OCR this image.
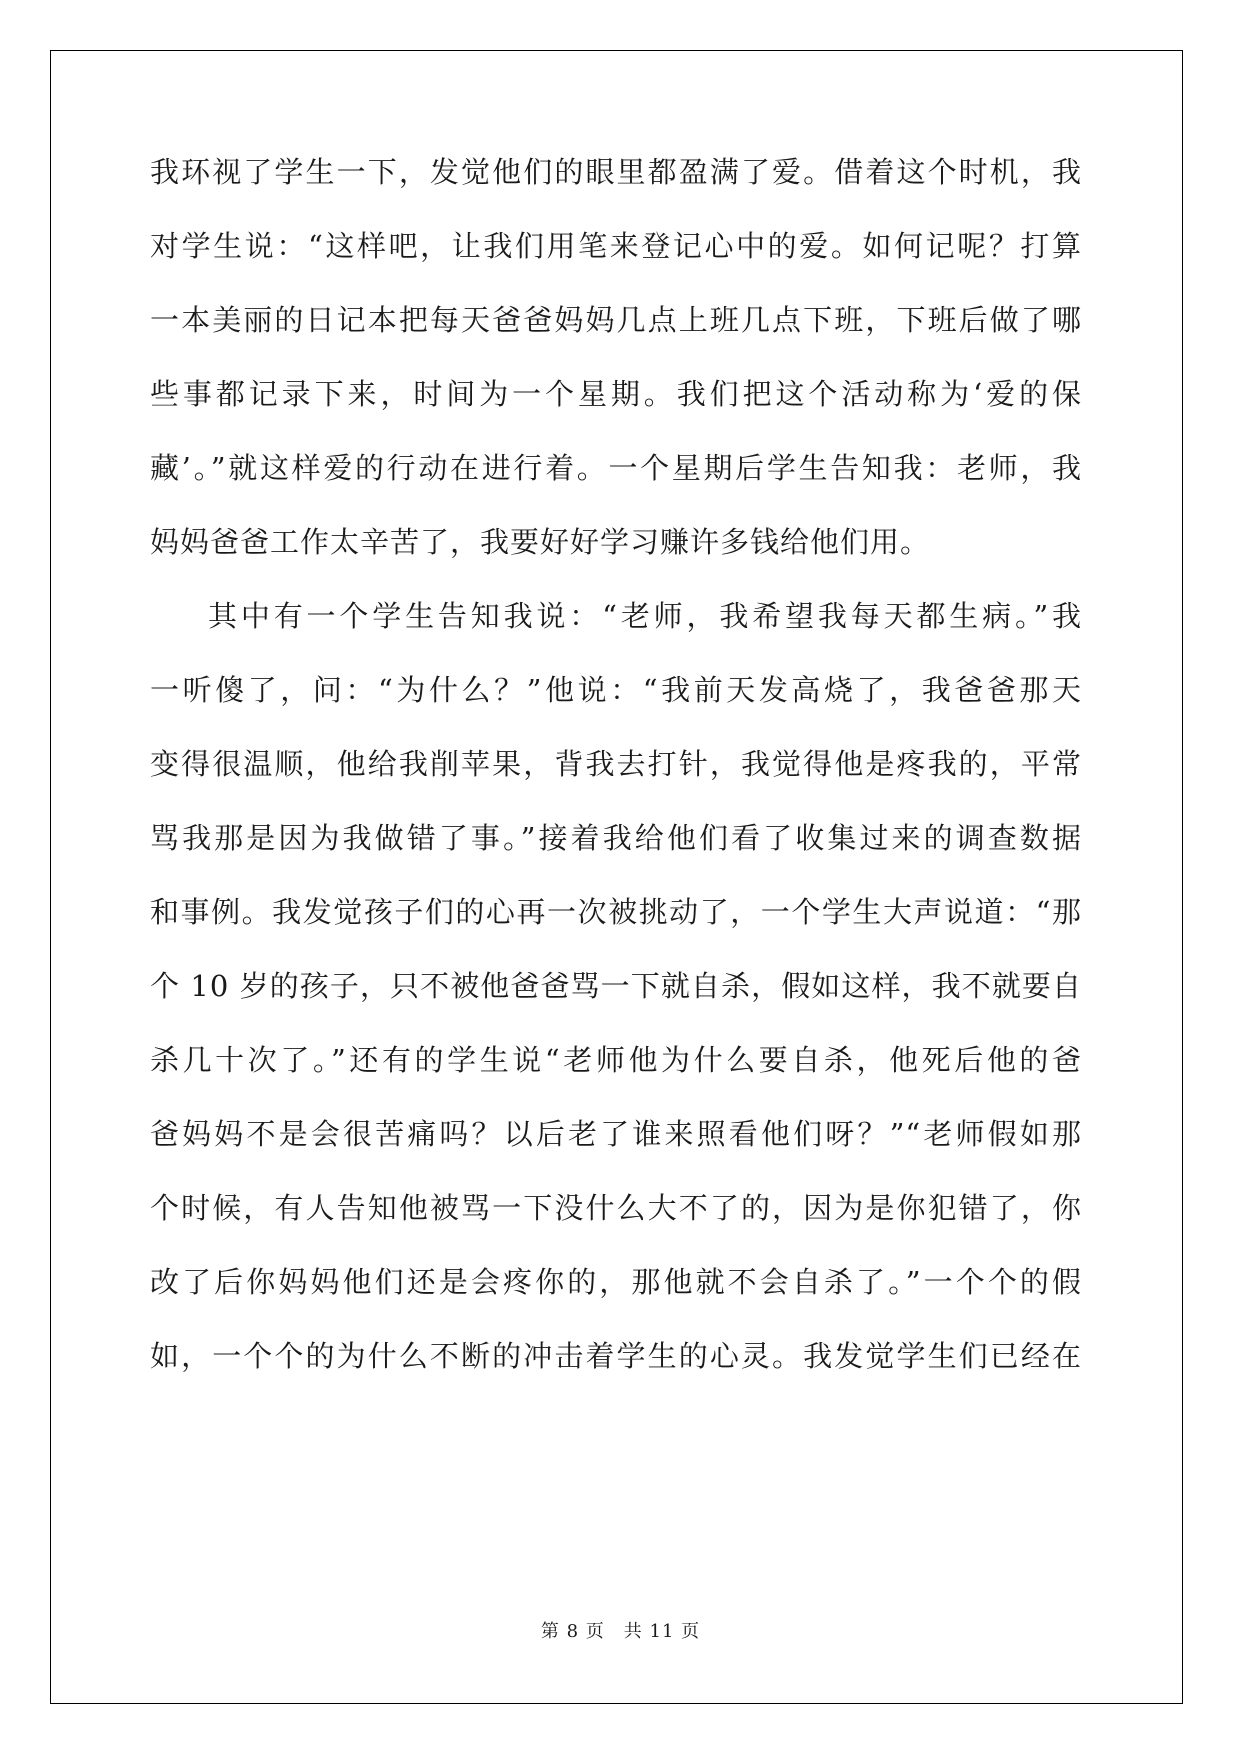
我环视了学生一下，发觉他们的眼里都盈满了爱。借着这个时机，我
对学生说：“这样吧，让我们用笔来登记心中的爱。如何记呢？打算
一本美丽的日记本把每天爸爸妈妈几点上班几点下班，下班后做了哪
些事都记录下来，时间为一个星期。我们把这个活动称为‘爱的保
藏’。”就这样爱的行动在进行着。一个星期后学生告知我：老师，我
妈妈爸爸工作太辛苦了，我要好好学习赚许多钱给他们用。
其中有一个学生告知我说：“老师，我希望我每天都生病。”我
一听傻了，问：“为什么？”他说：“我前天发高烧了，我爸爸那天
变得很温顺，他给我削苹果，背我去打针，我觉得他是疼我的，平常
骂我那是因为我做错了事。”接着我给他们看了收集过来的调查数据
和事例。我发觉孩子们的心再一次被挑动了，一个学生大声说道：“那
个 10 岁的孩子，只不被他爸爸骂一下就自杀，假如这样，我不就要自
杀几十次了。”还有的学生说“老师他为什么要自杀，他死后他的爸
爸妈妈不是会很苦痛吗？以后老了谁来照看他们呀？”“老师假如那
个时候，有人告知他被骂一下没什么大不了的，因为是你犯错了，你
改了后你妈妈他们还是会疼你的，那他就不会自杀了。”一个个的假
如，一个个的为什么不断的冲击着学生的心灵。我发觉学生们已经在
第 8 页　共 11 页
